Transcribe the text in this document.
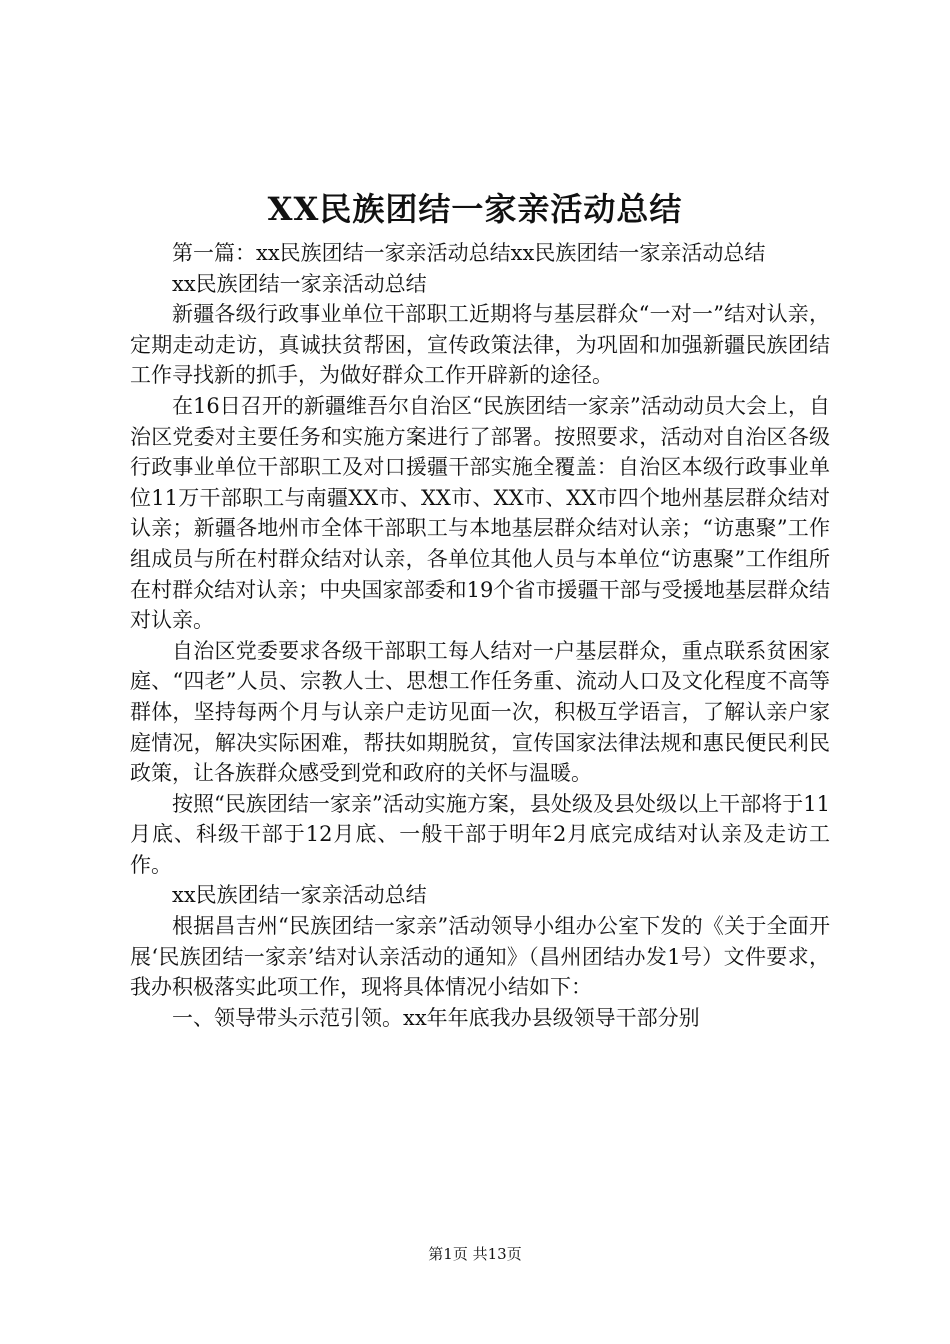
XX民族团结一家亲活动总结

第一篇：xx民族团结一家亲活动总结xx民族团结一家亲活动总结

xx民族团结一家亲活动总结

新疆各级行政事业单位干部职工近期将与基层群众“一对一”结对认亲，定期走动走访，真诚扶贫帮困，宣传政策法律，为巩固和加强新疆民族团结工作寻找新的抓手，为做好群众工作开辟新的途径。

在16日召开的新疆维吾尔自治区“民族团结一家亲”活动动员大会上，自治区党委对主要任务和实施方案进行了部署。按照要求，活动对自治区各级行政事业单位干部职工及对口援疆干部实施全覆盖：自治区本级行政事业单位11万干部职工与南疆XX市、XX市、XX市、XX市四个地州基层群众结对认亲；新疆各地州市全体干部职工与本地基层群众结对认亲；“访惠聚”工作组成员与所在村群众结对认亲，各单位其他人员与本单位“访惠聚”工作组所在村群众结对认亲；中央国家部委和19个省市援疆干部与受援地基层群众结对认亲。

自治区党委要求各级干部职工每人结对一户基层群众，重点联系贫困家庭、“四老”人员、宗教人士、思想工作任务重、流动人口及文化程度不高等群体，坚持每两个月与认亲户走访见面一次，积极互学语言，了解认亲户家庭情况，解决实际困难，帮扶如期脱贫，宣传国家法律法规和惠民便民利民政策，让各族群众感受到党和政府的关怀与温暖。

按照“民族团结一家亲”活动实施方案，县处级及县处级以上干部将于11月底、科级干部于12月底、一般干部于明年2月底完成结对认亲及走访工作。

xx民族团结一家亲活动总结

根据昌吉州“民族团结一家亲”活动领导小组办公室下发的《关于全面开展‘民族团结一家亲’结对认亲活动的通知》（昌州团结办发1号）文件要求，我办积极落实此项工作，现将具体情况小结如下：

一、领导带头示范引领。xx年年底我办县级领导干部分别

第1页 共13页
